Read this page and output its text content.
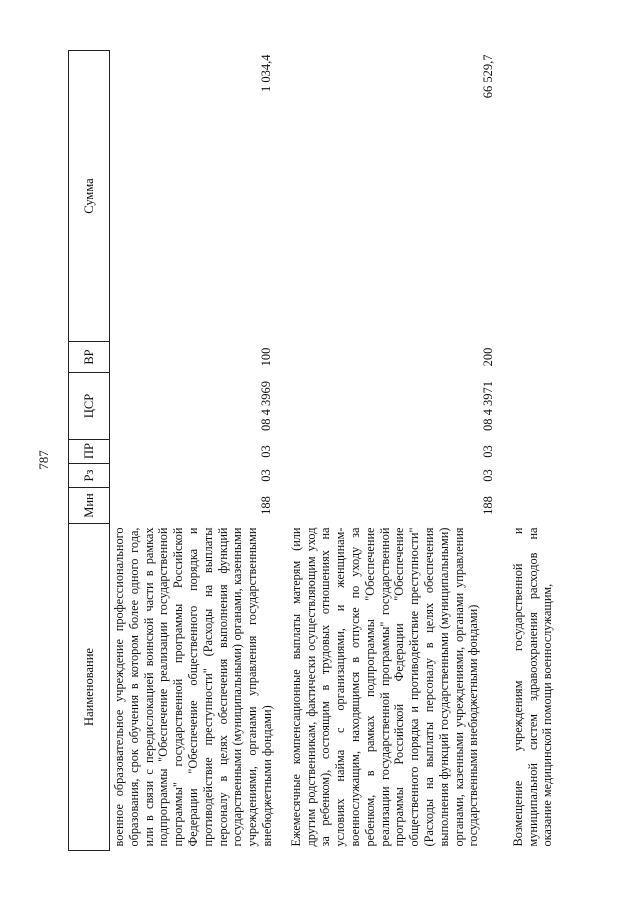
787
Наименование	Мин	Рз	ПР	ЦСР	ВР	Сумма
военное образовательное учреждение профессионального образования, срок обучения в котором более одного года, или в связи с передислокацией воинской части в рамках подпрограммы "Обеспечение реализации государственной программы" государственной программы Российской Федерации "Обеспечение общественного порядка и противодействие преступности" (Расходы на выплаты персоналу в целях обеспечения выполнения функций государственными (муниципальными) органами, казенными учреждениями, органами управления государственными внебюджетными фондами)	188	03	03	08 4 3969	100	1 034,4

Ежемесячные компенсационные выплаты матерям (или другим родственникам, фактически осуществляющим уход за ребенком), состоящим в трудовых отношениях на условиях найма с организациями, и женщинам-военнослужащим, находящимся в отпуске по уходу за ребенком, в рамках подпрограммы "Обеспечение реализации государственной программы" государственной программы Российской Федерации "Обеспечение общественного порядка и противодействие преступности" (Расходы на выплаты персоналу в целях обеспечения выполнения функций государственными (муниципальными) органами, казенными учреждениями, органами управления государственными внебюджетными фондами)	188	03	03	08 4 3971	200	66 529,7

Возмещение учреждениям государственной и муниципальной систем здравоохранения расходов на оказание медицинской помощи военнослужащим,						
